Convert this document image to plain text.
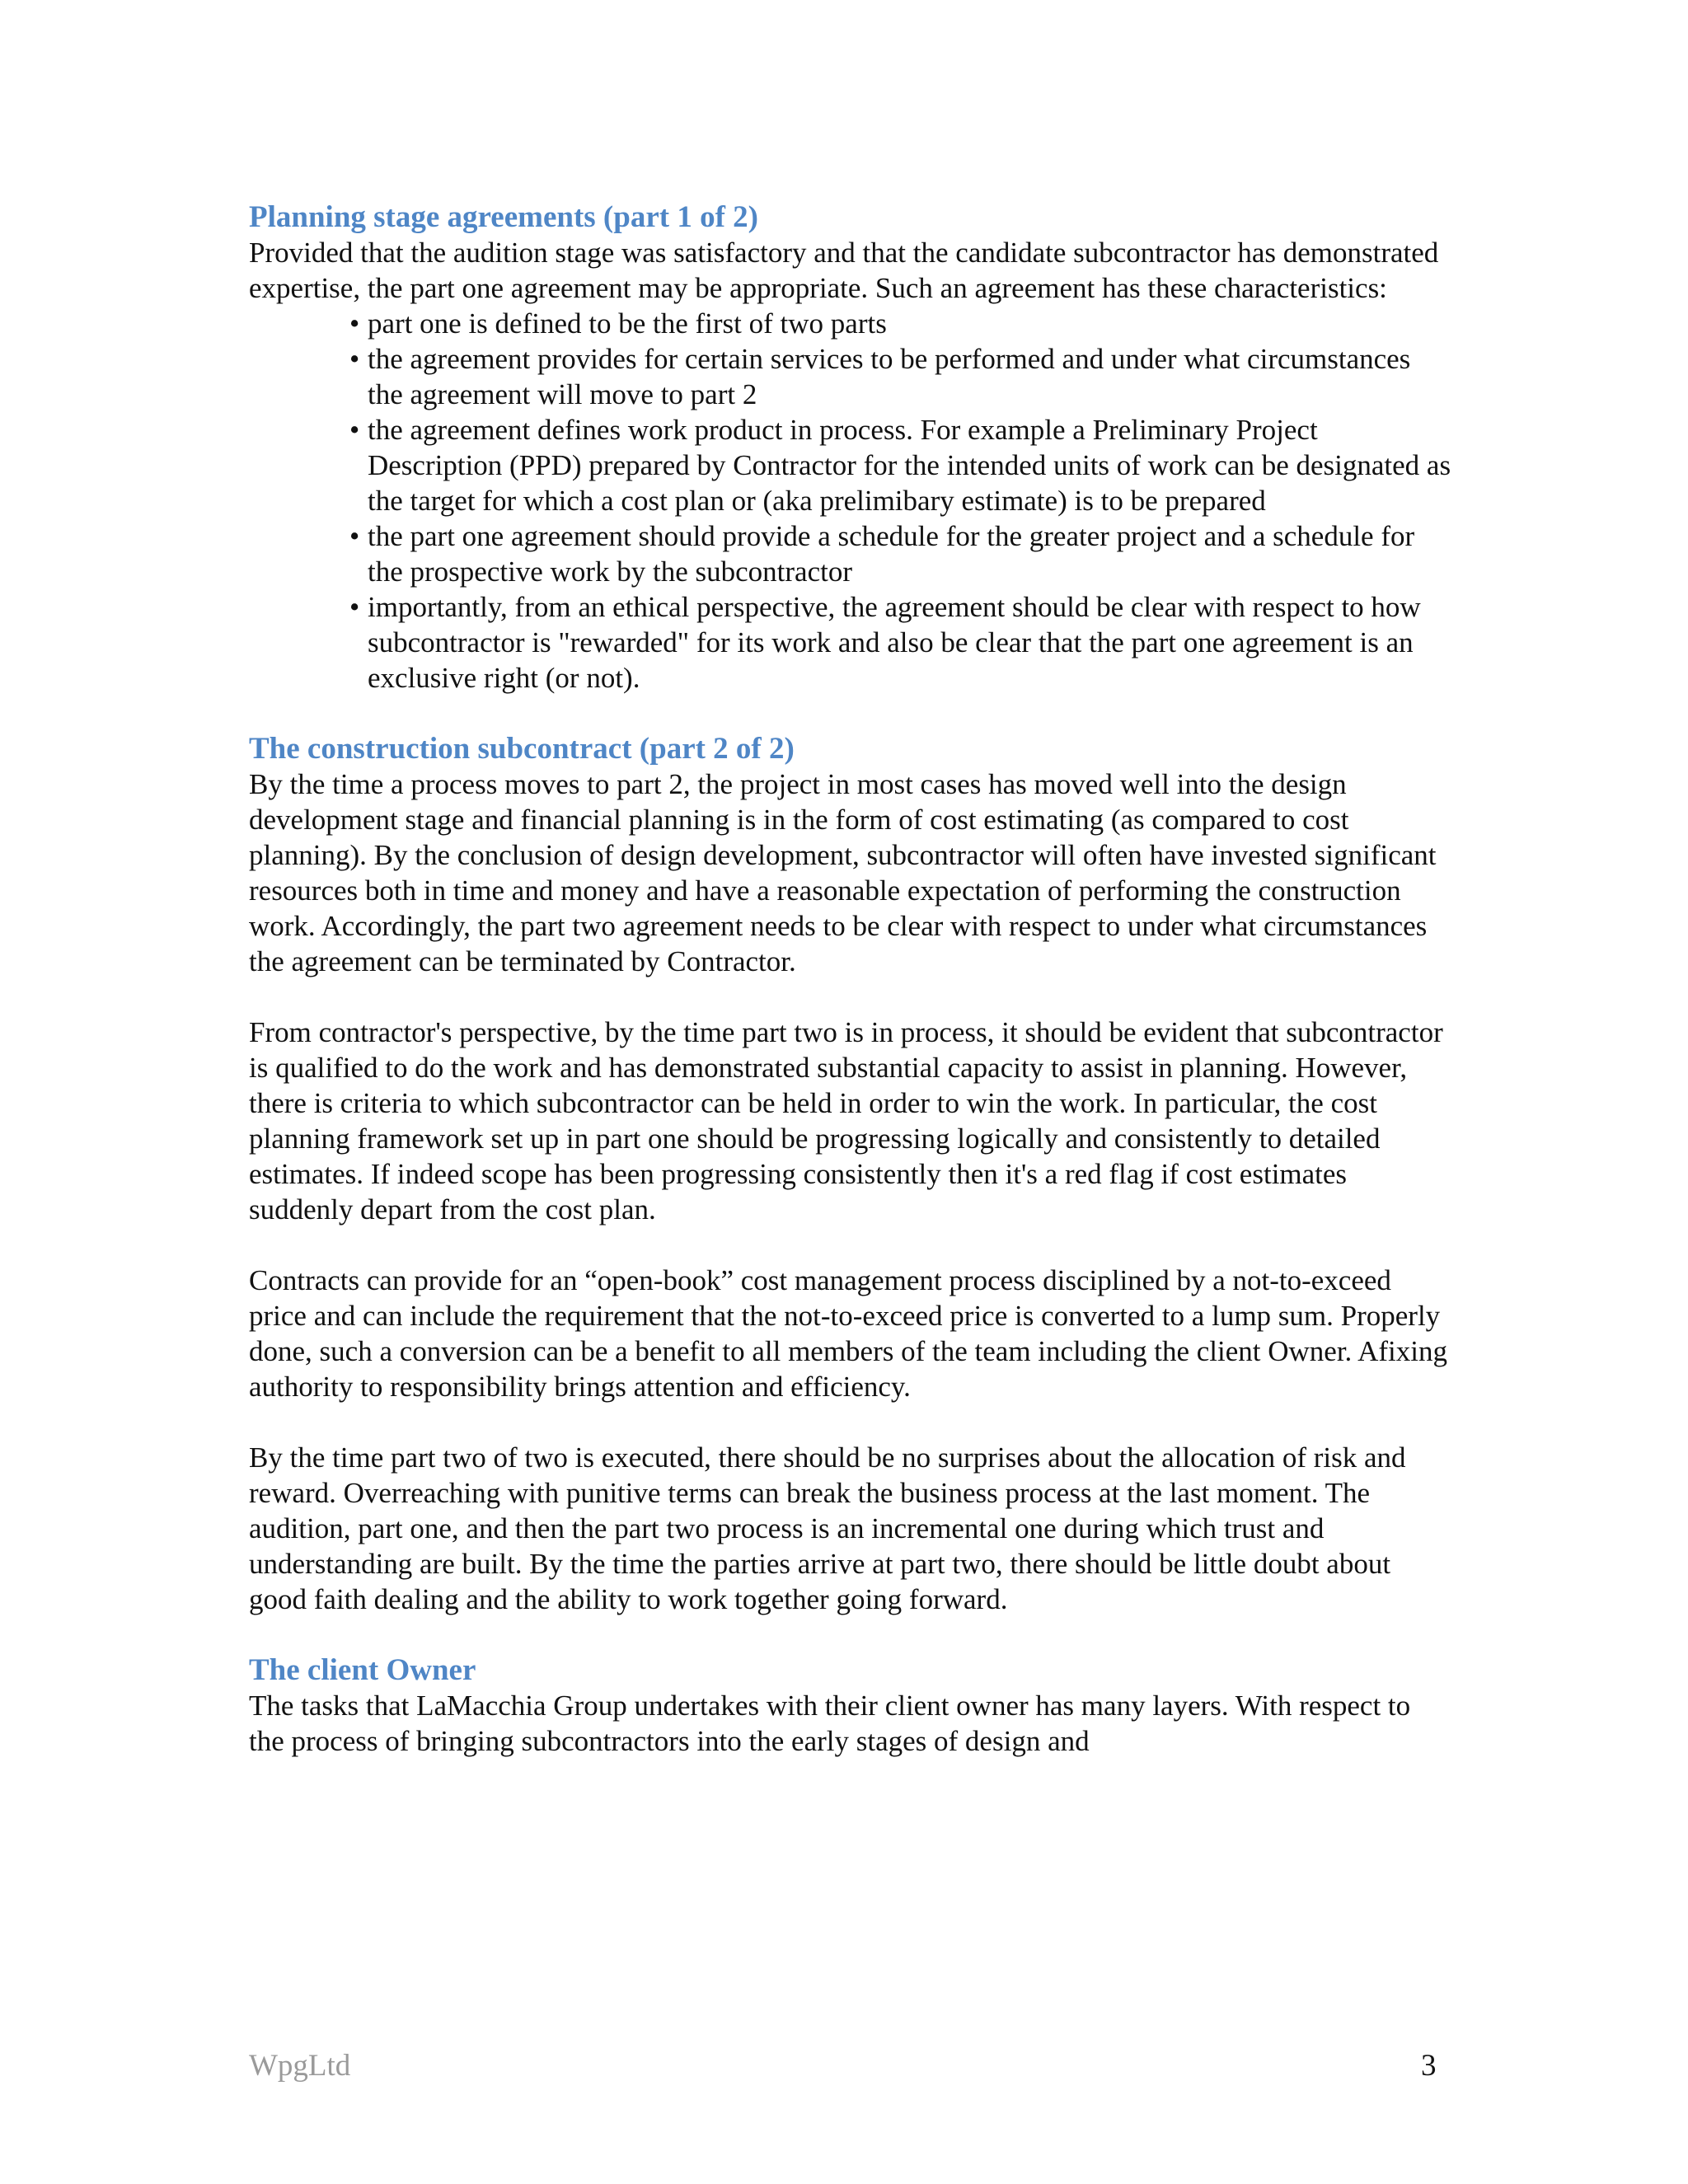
Planning stage agreements (part 1 of 2)

Provided that the audition stage was satisfactory and that the candidate subcontractor has demonstrated expertise, the part one agreement may be appropriate. Such an agreement has these characteristics:

• part one is defined to be the first of two parts
• the agreement provides for certain services to be performed and under what circumstances the agreement will move to part 2
• the agreement defines work product in process. For example a Preliminary Project Description (PPD) prepared by Contractor for the intended units of work can be designated as the target for which a cost plan or (aka prelimibary estimate) is to be prepared
• the part one agreement should provide a schedule for the greater project and a schedule for the prospective work by the subcontractor
• importantly, from an ethical perspective, the agreement should be clear with respect to how subcontractor is "rewarded" for its work and also be clear that the part one agreement is an exclusive right (or not).
The construction subcontract (part 2 of 2)

By the time a process moves to part 2, the project in most cases has moved well into the design development stage and financial planning is in the form of cost estimating (as compared to cost planning). By the conclusion of design development, subcontractor will often have invested significant resources both in time and money and have a reasonable expectation of performing the construction work. Accordingly, the part two agreement needs to be clear with respect to under what circumstances the agreement can be terminated by Contractor.

From contractor's perspective, by the time part two is in process, it should be evident that subcontractor is qualified to do the work and has demonstrated substantial capacity to assist in planning. However, there is criteria to which subcontractor can be held in order to win the work. In particular, the cost planning framework set up in part one should be progressing logically and consistently to detailed estimates. If indeed scope has been progressing consistently then it's a red flag if cost estimates suddenly depart from the cost plan.

Contracts can provide for an “open-book” cost management process disciplined by a not-to-exceed price and can include the requirement that the not-to-exceed price is converted to a lump sum. Properly done, such a conversion can be a benefit to all members of the team including the client Owner. Afixing authority to responsibility brings attention and efficiency.

By the time part two of two is executed, there should be no surprises about the allocation of risk and reward. Overreaching with punitive terms can break the business process at the last moment. The audition, part one, and then the part two process is an incremental one during which trust and understanding are built. By the time the parties arrive at part two, there should be little doubt about good faith dealing and the ability to work together going forward.

The client Owner

The tasks that LaMacchia Group undertakes with their client owner has many layers. With respect to the process of bringing subcontractors into the early stages of design and

WpgLtd	3
